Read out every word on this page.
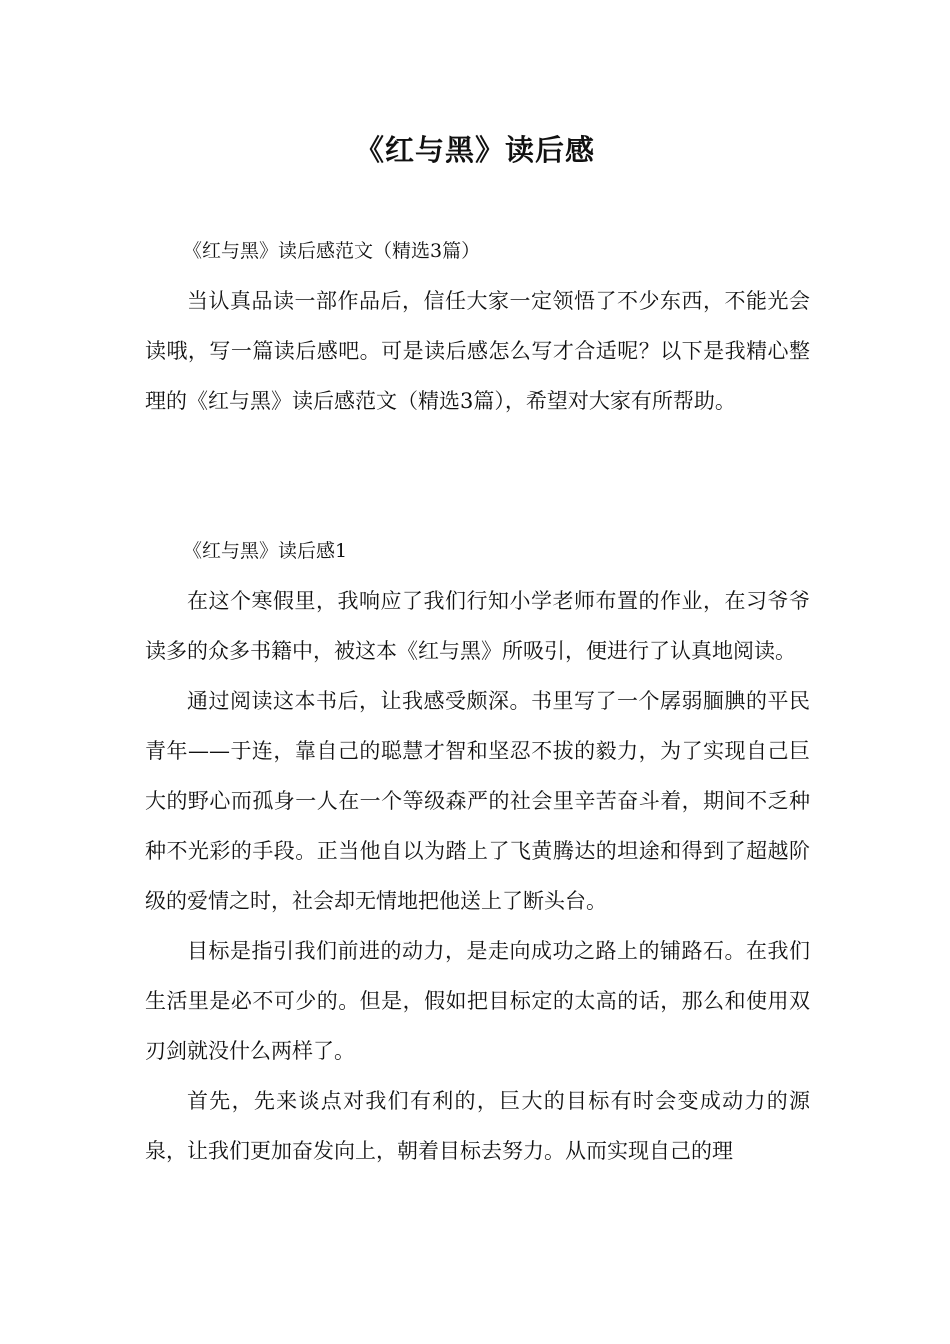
《红与黑》读后感

《红与黑》读后感范文（精选3篇）

当认真品读一部作品后，信任大家一定领悟了不少东西，不能光会读哦，写一篇读后感吧。可是读后感怎么写才合适呢？以下是我精心整理的《红与黑》读后感范文（精选3篇），希望对大家有所帮助。

《红与黑》读后感1

在这个寒假里，我响应了我们行知小学老师布置的作业，在习爷爷读多的众多书籍中，被这本《红与黑》所吸引，便进行了认真地阅读。

通过阅读这本书后，让我感受颇深。书里写了一个孱弱腼腆的平民青年——于连，靠自己的聪慧才智和坚忍不拔的毅力，为了实现自己巨大的野心而孤身一人在一个等级森严的社会里辛苦奋斗着，期间不乏种种不光彩的手段。正当他自以为踏上了飞黄腾达的坦途和得到了超越阶级的爱情之时，社会却无情地把他送上了断头台。

目标是指引我们前进的动力，是走向成功之路上的铺路石。在我们生活里是必不可少的。但是，假如把目标定的太高的话，那么和使用双刃剑就没什么两样了。

首先，先来谈点对我们有利的，巨大的目标有时会变成动力的源泉，让我们更加奋发向上，朝着目标去努力。从而实现自己的理
